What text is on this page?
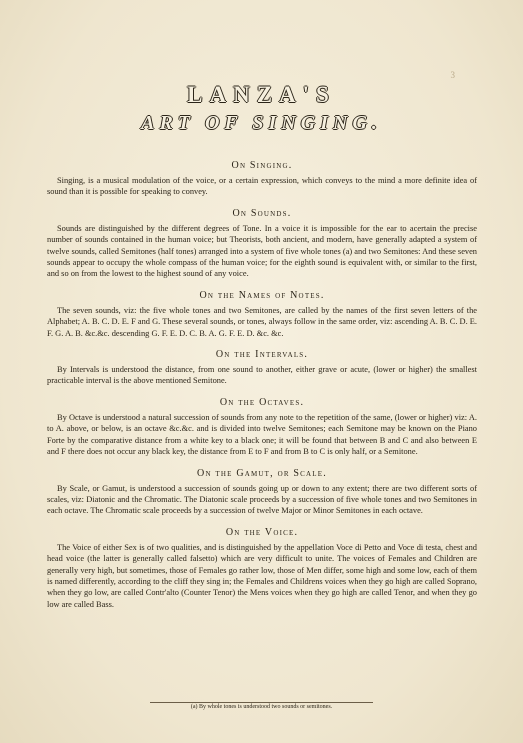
3
LANZA'S
ART OF SINGING.
On Singing.

Singing, is a musical modulation of the voice, or a certain expression, which conveys to the mind a more definite idea of sound than it is possible for speaking to convey.

On Sounds.

Sounds are distinguished by the different degrees of Tone. In a voice it is impossible for the ear to acertain the precise number of sounds contained in the human voice; but Theorists, both ancient, and modern, have generally adapted a system of twelve sounds, called Semitones (half tones) arranged into a system of five whole tones (a) and two Semitones: And these seven sounds appear to occupy the whole compass of the human voice; for the eighth sound is equivalent with, or similar to the first, and so on from the lowest to the highest sound of any voice.

On the Names of Notes.

The seven sounds, viz: the five whole tones and two Semitones, are called by the names of the first seven letters of the Alphabet; A. B. C. D. E. F and G. These several sounds, or tones, always follow in the same order, viz: ascending A. B. C. D. E. F. G. A. B. &c.&c. descending G. F. E. D. C. B. A. G. F. E. D. &c. &c.

On the Intervals.

By Intervals is understood the distance, from one sound to another, either grave or acute, (lower or higher) the smallest practicable interval is the above mentioned Semitone.

On the Octaves.

By Octave is understood a natural succession of sounds from any note to the repetition of the same, (lower or higher) viz: A. to A. above, or below, is an octave &c.&c. and is divided into twelve Semitones; each Semitone may be known on the Piano Forte by the comparative distance from a white key to a black one; it will be found that between B and C and also between E and F there does not occur any black key, the distance from E to F and from B to C is only half, or a Semitone.

On the Gamut, or Scale.

By Scale, or Gamut, is understood a succession of sounds going up or down to any extent; there are two different sorts of scales, viz: Diatonic and the Chromatic. The Diatonic scale proceeds by a succession of five whole tones and two Semitones in each octave. The Chromatic scale proceeds by a succession of twelve Major or Minor Semitones in each octave.

On the Voice.

The Voice of either Sex is of two qualities, and is distinguished by the appellation Voce di Petto and Voce di testa, chest and head voice (the latter is generally called falsetto) which are very difficult to unite. The voices of Females and Children are generally very high, but sometimes, those of Females go rather low, those of Men differ, some high and some low, each of them is named differently, according to the cliff they sing in; the Females and Childrens voices when they go high are called Soprano, when they go low, are called Contr'alto (Counter Tenor) the Mens voices when they go high are called Tenor, and when they go low are called Bass.

(a) By whole tones is understood two sounds or semitones.
